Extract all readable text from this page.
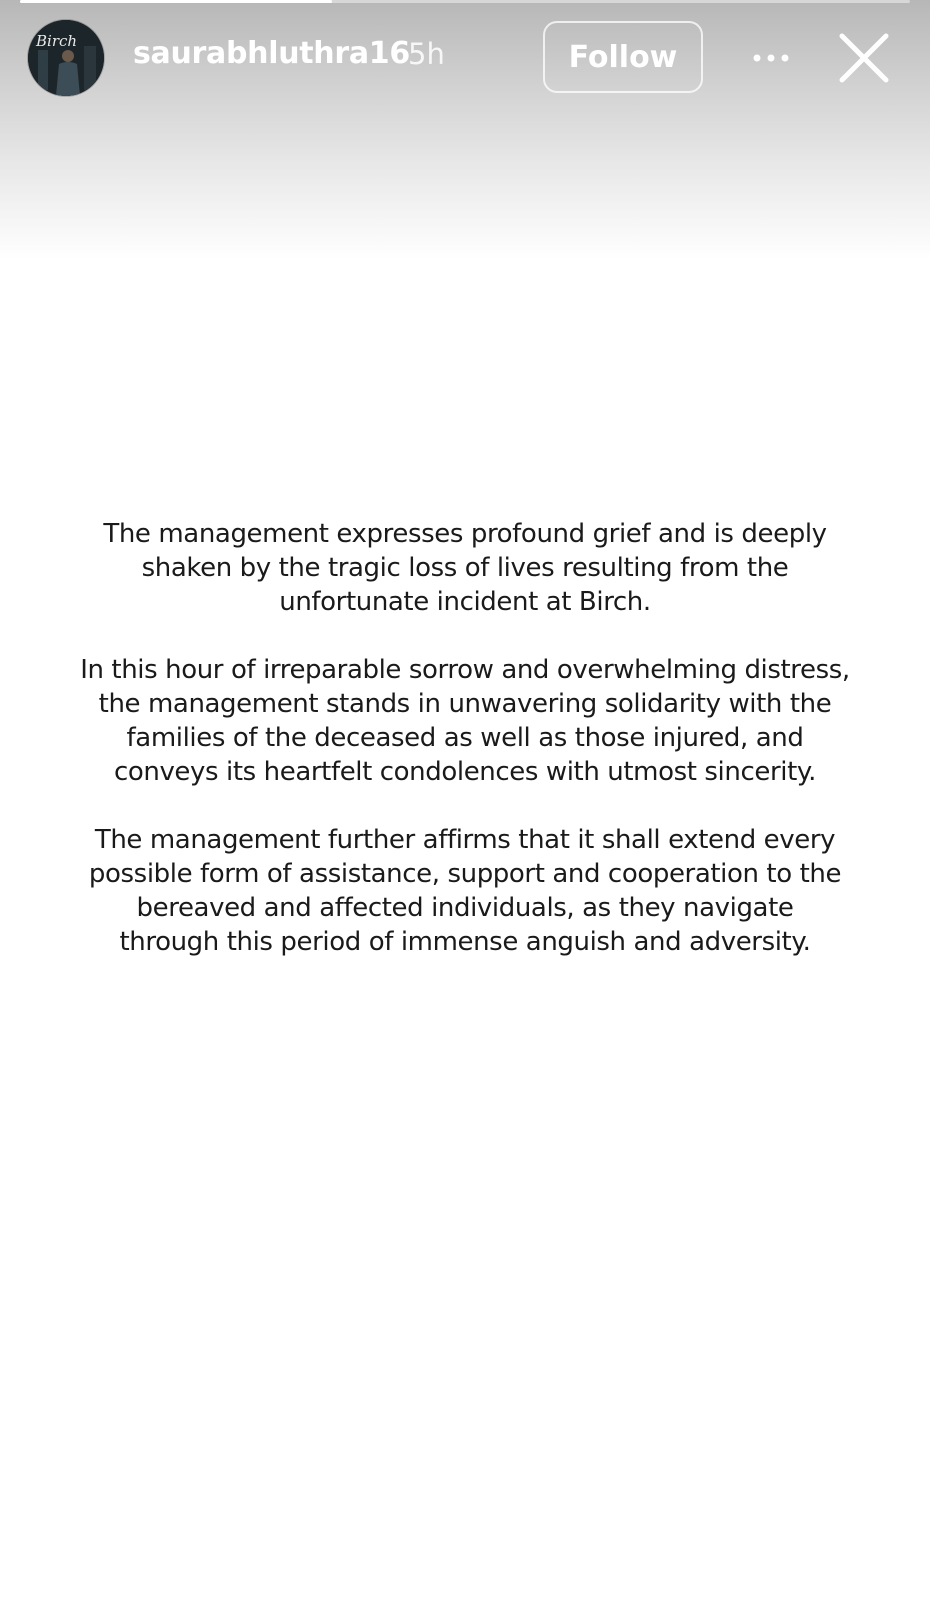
Birch saurabhluthra16
5h	Follow

The management expresses profound grief and is deeply
shaken by the tragic loss of lives resulting from the
unfortunate incident at Birch.

In this hour of irreparable sorrow and overwhelming distress,
the management stands in unwavering solidarity with the
families of the deceased as well as those injured, and
conveys its heartfelt condolences with utmost sincerity.

The management further affirms that it shall extend every
possible form of assistance, support and cooperation to the
bereaved and affected individuals, as they navigate
through this period of immense anguish and adversity.
